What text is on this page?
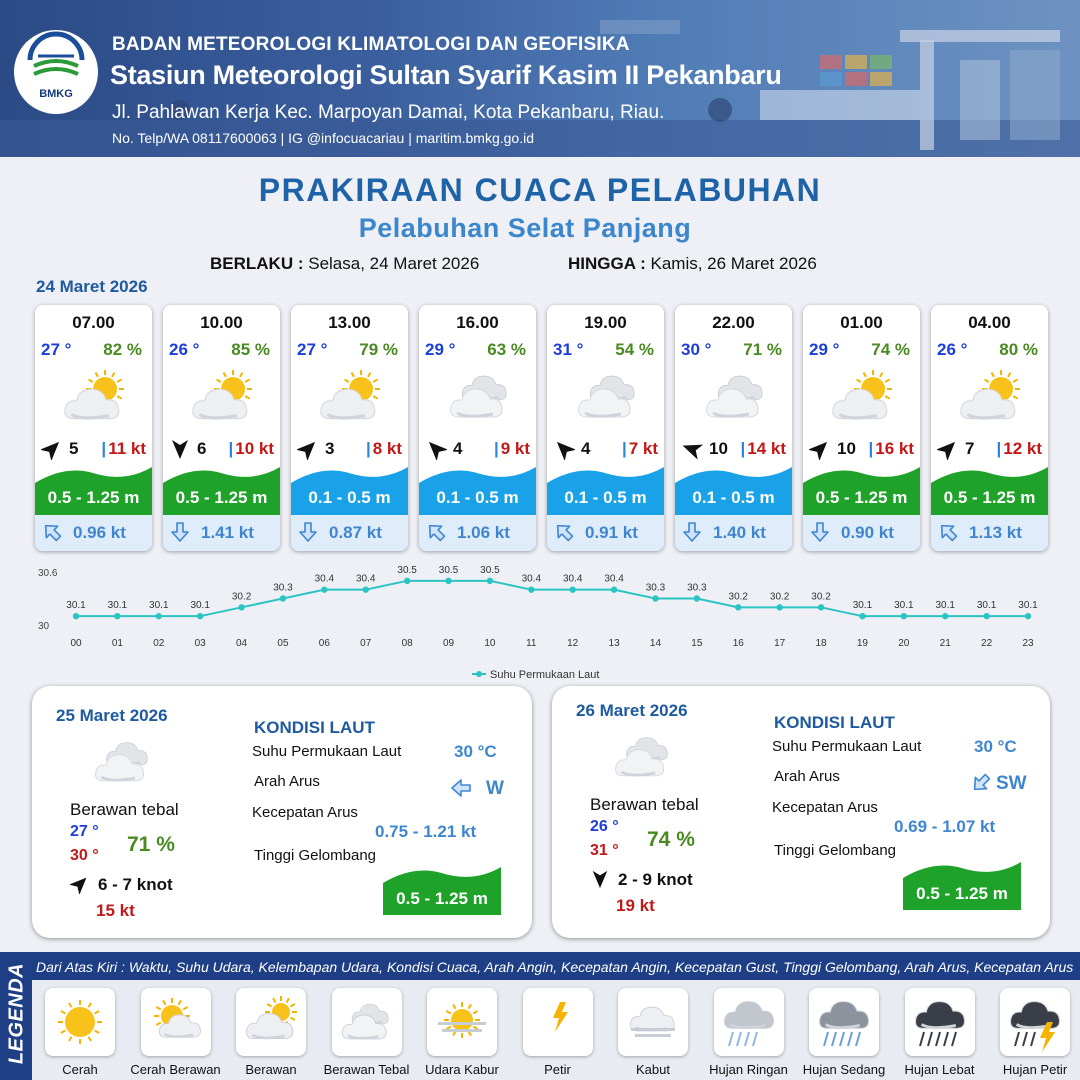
BMKG
BADAN METEOROLOGI KLIMATOLOGI DAN GEOFISIKA
Stasiun Meteorologi Sultan Syarif Kasim II Pekanbaru
Jl. Pahlawan Kerja Kec. Marpoyan Damai, Kota Pekanbaru, Riau.
No. Telp/WA 08117600063 | IG @infocuacariau | maritim.bmkg.go.id
PRAKIRAAN CUACA PELABUHAN
Pelabuhan Selat Panjang
BERLAKU : Selasa, 24 Maret 2026	HINGGA : Kamis, 26 Maret 2026
24 Maret 2026
07.00
27 ° 82 %
5 | 11 kt
0.5 - 1.25 m
0.96 kt
10.00
26 ° 85 %
6 | 10 kt
0.5 - 1.25 m
1.41 kt
13.00
27 ° 79 %
3 | 8 kt
0.1 - 0.5 m
0.87 kt
16.00
29 ° 63 %
4 | 9 kt
0.1 - 0.5 m
1.06 kt
19.00
31 ° 54 %
4 | 7 kt
0.1 - 0.5 m
0.91 kt
22.00
30 ° 71 %
10 | 14 kt
0.1 - 0.5 m
1.40 kt
01.00
29 ° 74 %
10 | 16 kt
0.5 - 1.25 m
0.90 kt
04.00
26 ° 80 %
7 | 12 kt
0.5 - 1.25 m
1.13 kt
30.6
30
30.1
00
30.1
01
30.1
02
30.1
03
30.2
04
30.3
05
30.4
06
30.4
07
30.5
08
30.5
09
30.5
10
30.4
11
30.4
12
30.4
13
30.3
14
30.3
15
30.2
16
30.2
17
30.2
18
30.1
19
30.1
20
30.1
21
30.1
22
30.1
23
Suhu Permukaan Laut
25 Maret 2026
Berawan tebal
27 °
30 ° 71 %
6 - 7 knot
15 kt
KONDISI LAUT
Suhu Permukaan Laut	30 °C
Arah Arus	W
Kecepatan Arus
0.75 - 1.21 kt
Tinggi Gelombang
0.5 - 1.25 m
26 Maret 2026
Berawan tebal
26 °
31 ° 74 %
2 - 9 knot
19 kt
KONDISI LAUT
Suhu Permukaan Laut	30 °C
Arah Arus	SW
Kecepatan Arus
0.69 - 1.07 kt
Tinggi Gelombang
0.5 - 1.25 m
LEGENDA Dari Atas Kiri : Waktu, Suhu Udara, Kelembapan Udara, Kondisi Cuaca, Arah Angin, Kecepatan Angin, Kecepatan Gust, Tinggi Gelombang, Arah Arus, Kecepatan Arus
Cerah	Cerah Berawan	Berawan	Berawan Tebal	Udara Kabur	Petir	Kabut	Hujan Ringan	Hujan Sedang	Hujan Lebat	Hujan Petir
